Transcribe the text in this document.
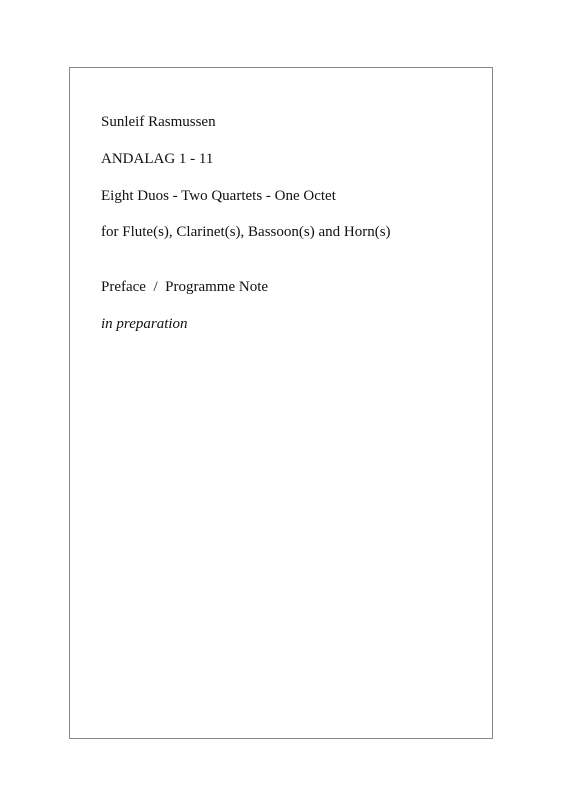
Sunleif Rasmussen

ANDALAG 1 - 11

Eight Duos - Two Quartets - One Octet

for Flute(s), Clarinet(s), Bassoon(s) and Horn(s)

Preface  /  Programme Note

in preparation
